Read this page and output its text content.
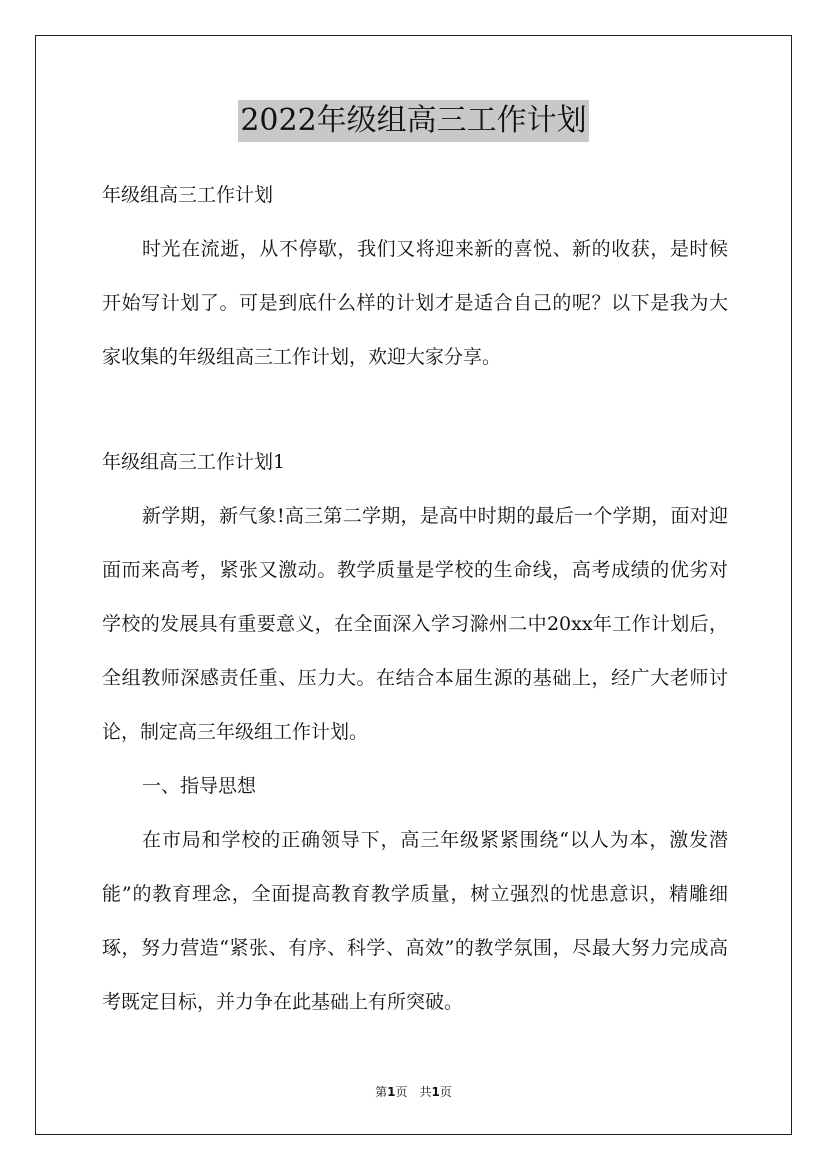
2022年级组高三工作计划

年级组高三工作计划

时光在流逝，从不停歇，我们又将迎来新的喜悦、新的收获，是时候开始写计划了。可是到底什么样的计划才是适合自己的呢？以下是我为大家收集的年级组高三工作计划，欢迎大家分享。

年级组高三工作计划1

新学期，新气象!高三第二学期，是高中时期的最后一个学期，面对迎面而来高考，紧张又激动。教学质量是学校的生命线，高考成绩的优劣对学校的发展具有重要意义，在全面深入学习滁州二中20xx年工作计划后，全组教师深感责任重、压力大。在结合本届生源的基础上，经广大老师讨论，制定高三年级组工作计划。

一、指导思想

在市局和学校的正确领导下，高三年级紧紧围绕“以人为本，激发潜能”的教育理念，全面提高教育教学质量，树立强烈的忧患意识，精雕细琢，努力营造“紧张、有序、科学、高效”的教学氛围，尽最大努力完成高考既定目标，并力争在此基础上有所突破。

第1页 共1页
